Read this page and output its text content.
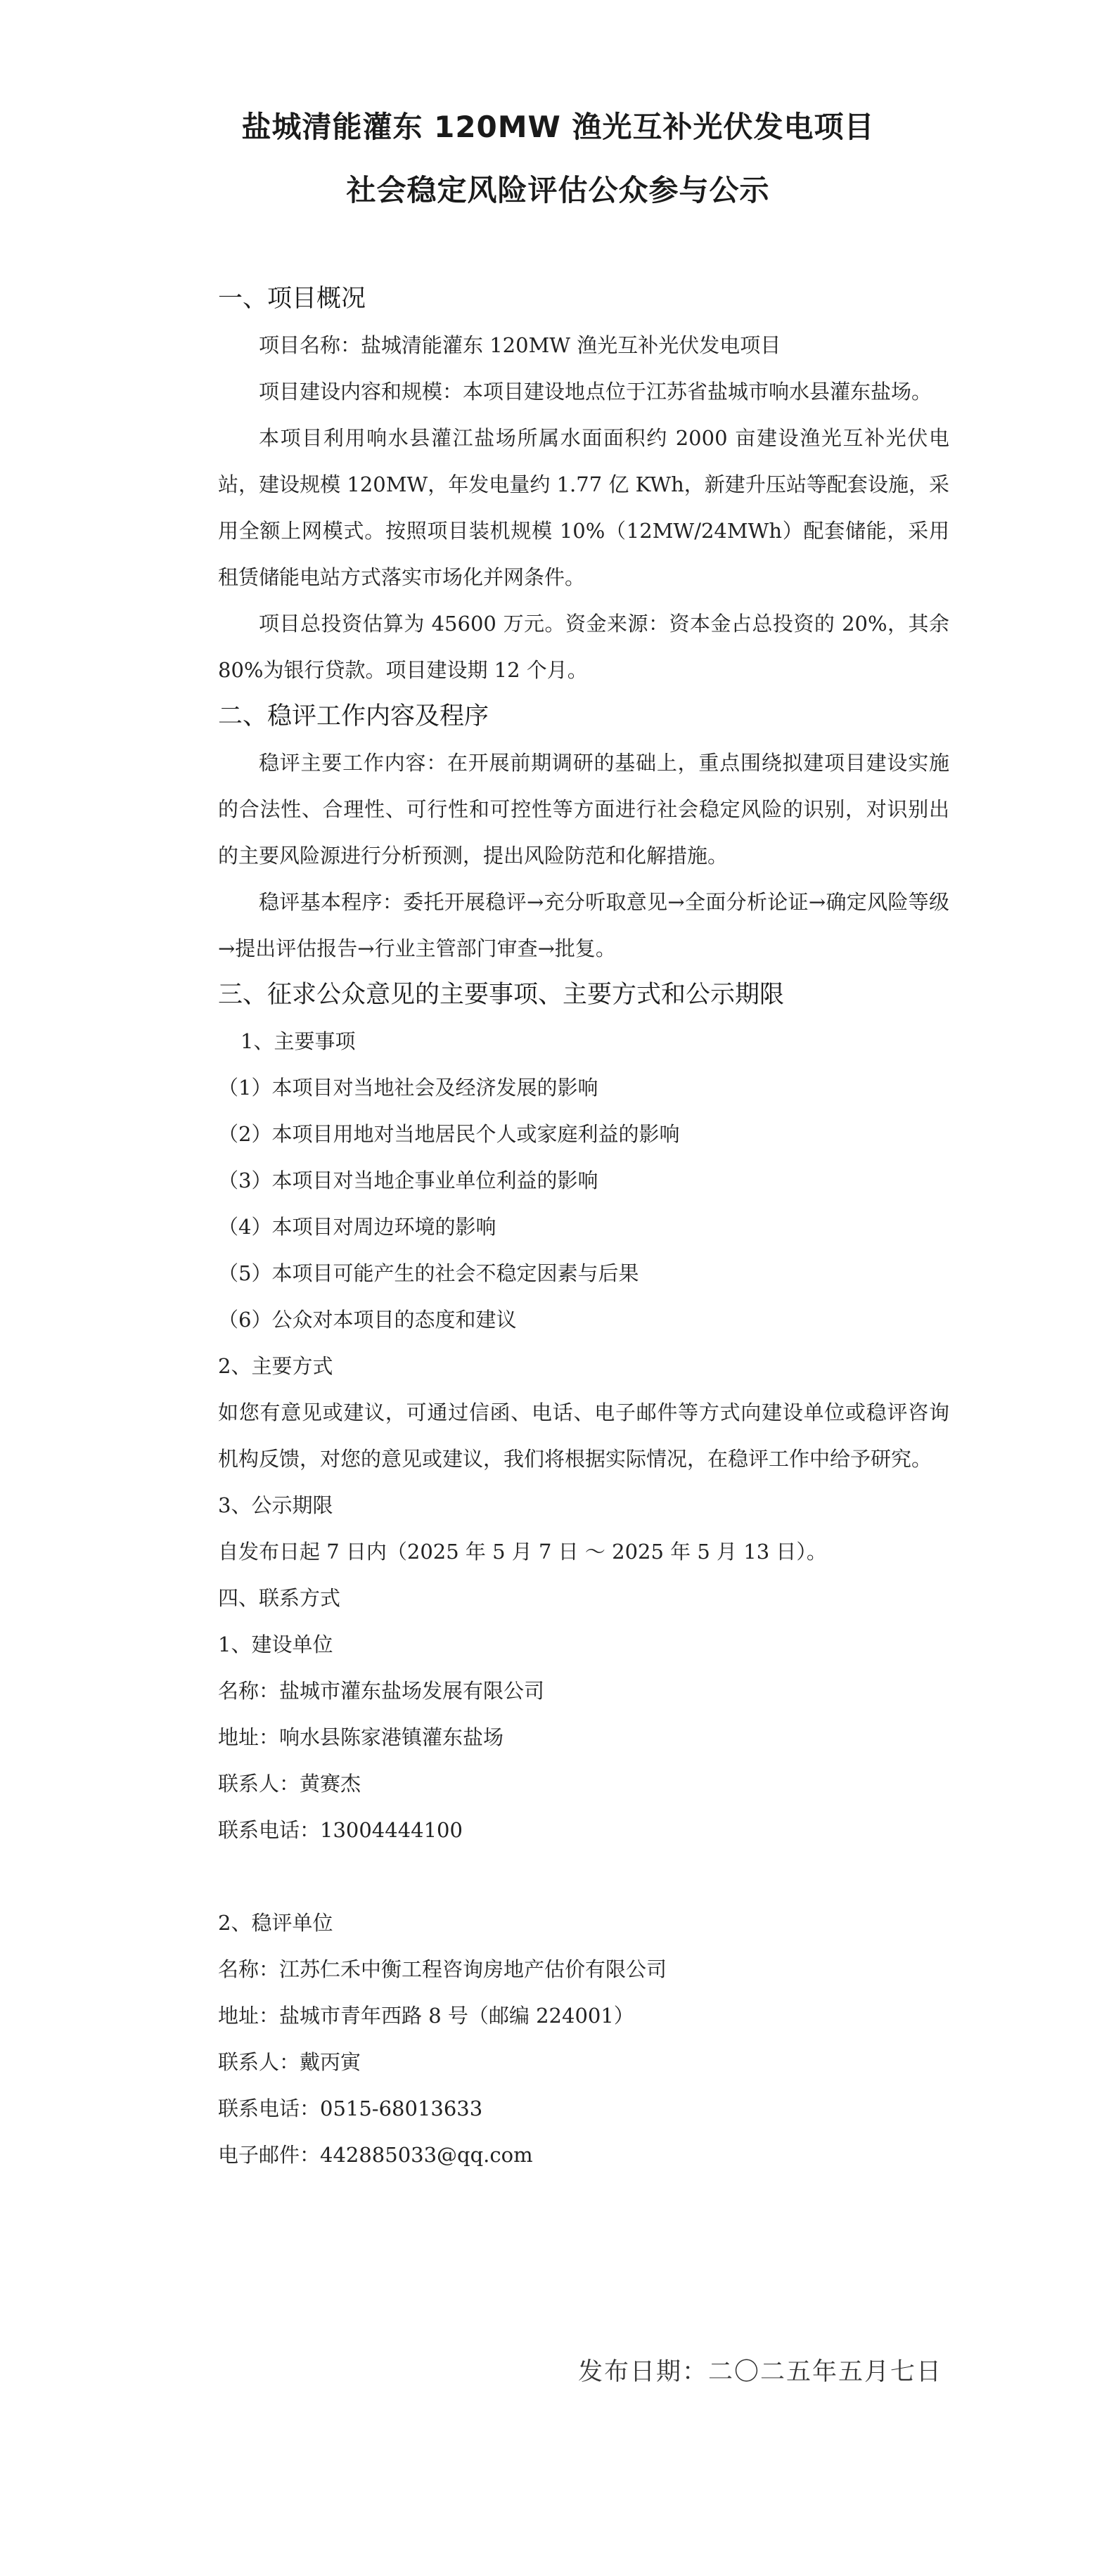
盐城清能灌东 120MW 渔光互补光伏发电项目
社会稳定风险评估公众参与公示
一、项目概况
项目名称：盐城清能灌东 120MW 渔光互补光伏发电项目
项目建设内容和规模：本项目建设地点位于江苏省盐城市响水县灌东盐场。
本项目利用响水县灌江盐场所属水面面积约 2000 亩建设渔光互补光伏电站，建设规模 120MW，年发电量约 1.77 亿 KWh，新建升压站等配套设施，采用全额上网模式。按照项目装机规模 10%（12MW/24MWh）配套储能，采用租赁储能电站方式落实市场化并网条件。
项目总投资估算为 45600 万元。资金来源：资本金占总投资的 20%，其余 80%为银行贷款。项目建设期 12 个月。
二、稳评工作内容及程序
稳评主要工作内容：在开展前期调研的基础上，重点围绕拟建项目建设实施的合法性、合理性、可行性和可控性等方面进行社会稳定风险的识别，对识别出的主要风险源进行分析预测，提出风险防范和化解措施。
稳评基本程序：委托开展稳评→充分听取意见→全面分析论证→确定风险等级→提出评估报告→行业主管部门审查→批复。
三、征求公众意见的主要事项、主要方式和公示期限
1、主要事项
（1）本项目对当地社会及经济发展的影响
（2）本项目用地对当地居民个人或家庭利益的影响
（3）本项目对当地企事业单位利益的影响
（4）本项目对周边环境的影响
（5）本项目可能产生的社会不稳定因素与后果
（6）公众对本项目的态度和建议
2、主要方式
如您有意见或建议，可通过信函、电话、电子邮件等方式向建设单位或稳评咨询机构反馈，对您的意见或建议，我们将根据实际情况，在稳评工作中给予研究。
3、公示期限
自发布日起 7 日内（2025 年 5 月 7 日 ～ 2025 年 5 月 13 日）。
四、联系方式
1、建设单位
名称：盐城市灌东盐场发展有限公司
地址：响水县陈家港镇灌东盐场
联系人：黄赛杰
联系电话：13004444100
2、稳评单位
名称：江苏仁禾中衡工程咨询房地产估价有限公司
地址：盐城市青年西路 8 号（邮编 224001）
联系人：戴丙寅
联系电话：0515-68013633
电子邮件：442885033@qq.com
发布日期：二〇二五年五月七日
